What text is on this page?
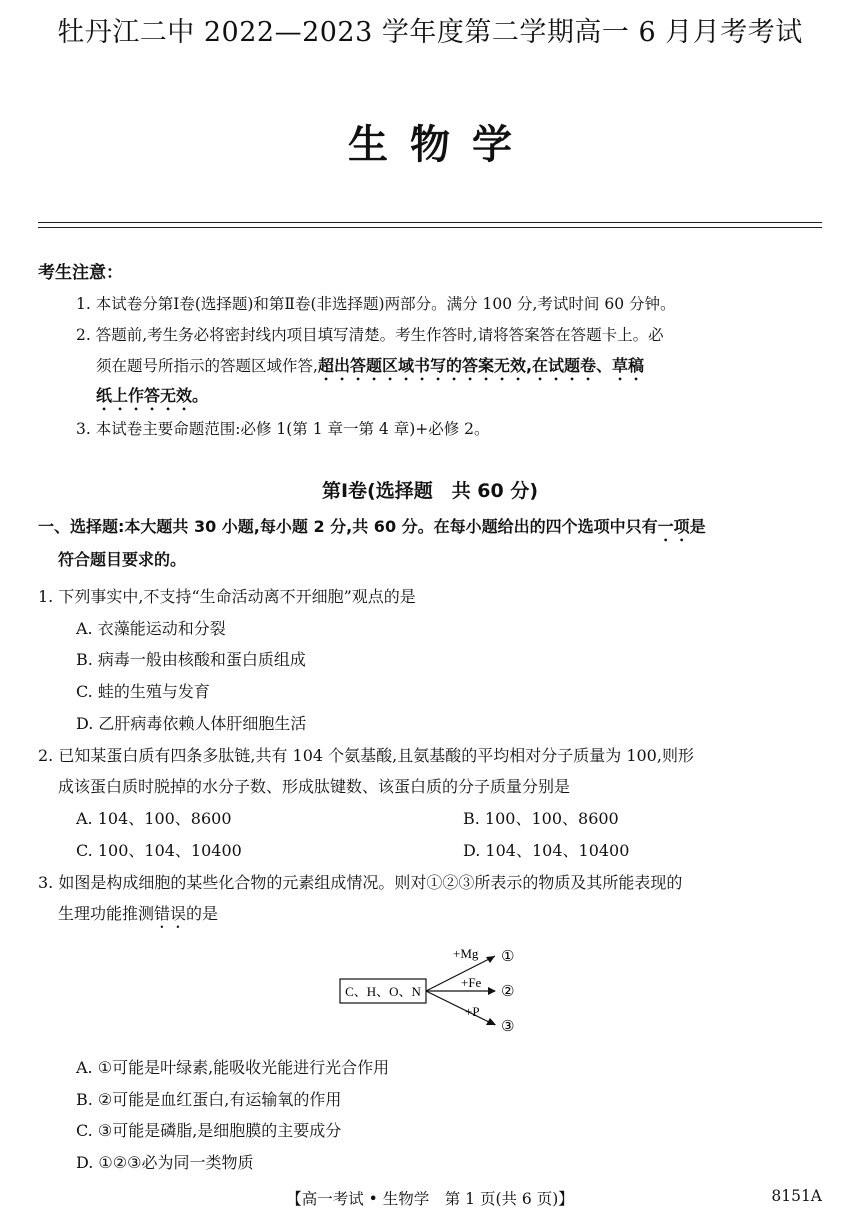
牡丹江二中 2022—2023 学年度第二学期高一 6 月月考考试
生物学
考生注意：
1. 本试卷分第Ⅰ卷(选择题)和第Ⅱ卷(非选择题)两部分。满分 100 分,考试时间 60 分钟。
2. 答题前,考生务必将密封线内项目填写清楚。考生作答时,请将答案答在答题卡上。必
须在题号所指示的答题区域作答,超出答题区域书写的答案无效,在试题卷、草稿
纸上作答无效。
3. 本试卷主要命题范围:必修 1(第 1 章一第 4 章)+必修 2。
第Ⅰ卷(选择题　共 60 分)
一、选择题:本大题共 30 小题,每小题 2 分,共 60 分。在每小题给出的四个选项中只有一项是
符合题目要求的。
1. 下列事实中,不支持“生命活动离不开细胞”观点的是
A. 衣藻能运动和分裂
B. 病毒一般由核酸和蛋白质组成
C. 蛙的生殖与发育
D. 乙肝病毒依赖人体肝细胞生活
2. 已知某蛋白质有四条多肽链,共有 104 个氨基酸,且氨基酸的平均相对分子质量为 100,则形
成该蛋白质时脱掉的水分子数、形成肽键数、该蛋白质的分子质量分别是
A. 104、100、8600	B. 100、100、8600
C. 100、104、10400	D. 104、104、10400
3. 如图是构成细胞的某些化合物的元素组成情况。则对①②③所表示的物质及其所能表现的
生理功能推测错误的是
C、H、O、N
+Mg
+Fe
+P
①
②
③
A. ①可能是叶绿素,能吸收光能进行光合作用
B. ②可能是血红蛋白,有运输氧的作用
C. ③可能是磷脂,是细胞膜的主要成分
D. ①②③必为同一类物质
【高一考试 • 生物学　第 1 页(共 6 页)】	8151A
